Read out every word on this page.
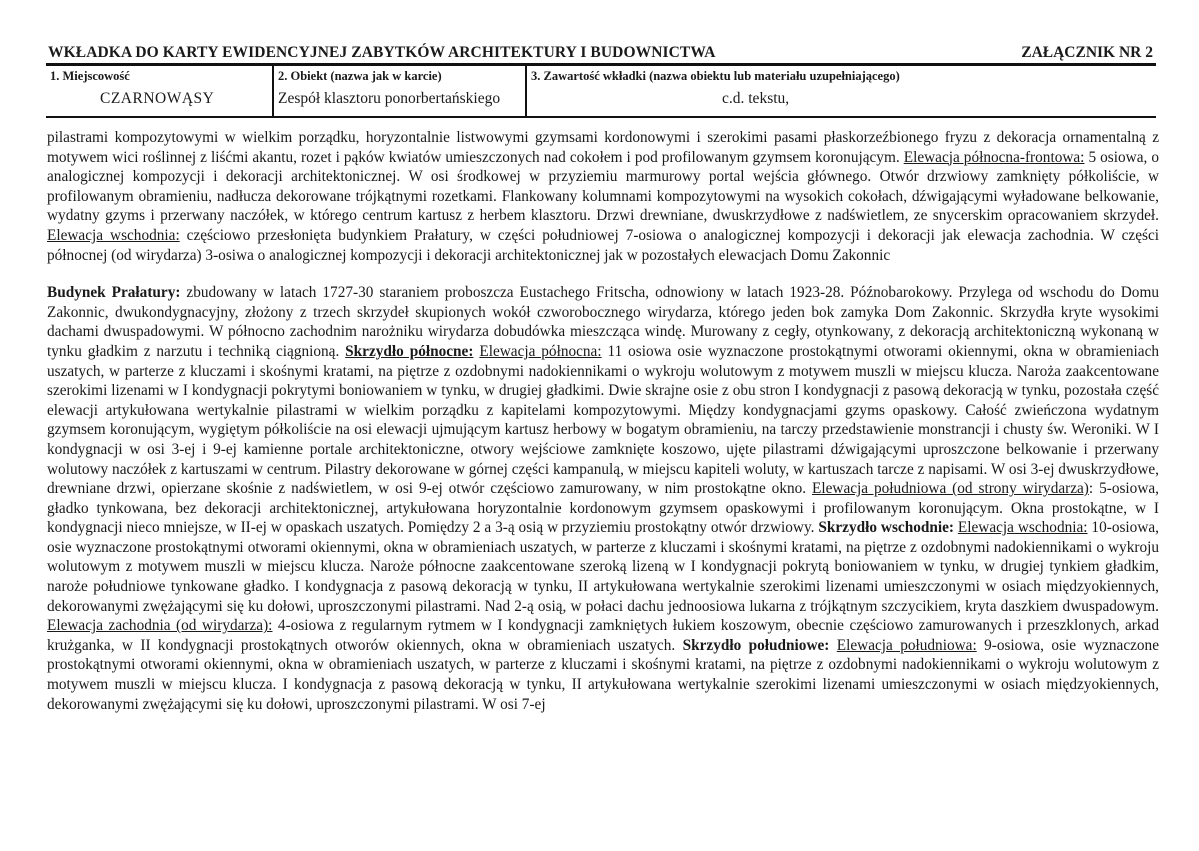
WKŁADKA DO KARTY EWIDENCYJNEJ ZABYTKÓW ARCHITEKTURY I BUDOWNICTWA	ZAŁĄCZNIK NR 2
1. Miejscowość
CZARNOWĄSY
2. Obiekt (nazwa jak w karcie)
Zespół klasztoru ponorbertańskiego
3. Zawartość wkładki (nazwa obiektu lub materiału uzupełniającego)
c.d. tekstu,

pilastrami kompozytowymi w wielkim porządku, horyzontalnie listwowymi gzymsami kordonowymi i szerokimi pasami płaskorzeźbionego fryzu z dekoracja ornamentalną z motywem wici roślinnej z liśćmi akantu, rozet i pąków kwiatów umieszczonych nad cokołem i pod profilowanym gzymsem koronującym. Elewacja północna-frontowa: 5 osiowa, o analogicznej kompozycji i dekoracji architektonicznej. W osi środkowej w przyziemiu marmurowy portal wejścia głównego. Otwór drzwiowy zamknięty półkoliście, w profilowanym obramieniu, nadłucza dekorowane trójkątnymi rozetkami. Flankowany kolumnami kompozytowymi na wysokich cokołach, dźwigającymi wyładowane belkowanie, wydatny gzyms i przerwany naczółek, w którego centrum kartusz z herbem klasztoru. Drzwi drewniane, dwuskrzydłowe z nadświetlem, ze snycerskim opracowaniem skrzydeł. Elewacja wschodnia: częściowo przesłonięta budynkiem Prałatury, w części południowej 7-osiowa o analogicznej kompozycji i dekoracji jak elewacja zachodnia. W części północnej (od wirydarza) 3-osiwa o analogicznej kompozycji i dekoracji architektonicznej jak w pozostałych elewacjach Domu Zakonnic

Budynek Prałatury: zbudowany w latach 1727-30 staraniem proboszcza Eustachego Fritscha, odnowiony w latach 1923-28. Późnobarokowy. Przylega od wschodu do Domu Zakonnic, dwukondygnacyjny, złożony z trzech skrzydeł skupionych wokół czworobocznego wirydarza, którego jeden bok zamyka Dom Zakonnic. Skrzydła kryte wysokimi dachami dwuspadowymi. W północno zachodnim narożniku wirydarza dobudówka mieszcząca windę. Murowany z cegły, otynkowany, z dekoracją architektoniczną wykonaną w tynku gładkim z narzutu i techniką ciągnioną. Skrzydło północne: Elewacja północna: 11 osiowa osie wyznaczone prostokątnymi otworami okiennymi, okna w obramieniach uszatych, w parterze z kluczami i skośnymi kratami, na piętrze z ozdobnymi nadokiennikami o wykroju wolutowym z motywem muszli w miejscu klucza. Naroża zaakcentowane szerokimi lizenami w I kondygnacji pokrytymi boniowaniem w tynku, w drugiej gładkimi. Dwie skrajne osie z obu stron I kondygnacji z pasową dekoracją w tynku, pozostała część elewacji artykułowana wertykalnie pilastrami w wielkim porządku z kapitelami kompozytowymi. Między kondygnacjami gzyms opaskowy. Całość zwieńczona wydatnym gzymsem koronującym, wygiętym półkoliście na osi elewacji ujmującym kartusz herbowy w bogatym obramieniu, na tarczy przedstawienie monstrancji i chusty św. Weroniki. W I kondygnacji w osi 3-ej i 9-ej kamienne portale architektoniczne, otwory wejściowe zamknięte koszowo, ujęte pilastrami dźwigającymi uproszczone belkowanie i przerwany wolutowy naczółek z kartuszami w centrum. Pilastry dekorowane w górnej części kampanulą, w miejscu kapiteli woluty, w kartuszach tarcze z napisami. W osi 3-ej dwuskrzydłowe, drewniane drzwi, opierzane skośnie z nadświetlem, w osi 9-ej otwór częściowo zamurowany, w nim prostokątne okno. Elewacja południowa (od strony wirydarza): 5-osiowa, gładko tynkowana, bez dekoracji architektonicznej, artykułowana horyzontalnie kordonowym gzymsem opaskowymi i profilowanym koronującym. Okna prostokątne, w I kondygnacji nieco mniejsze, w II-ej w opaskach uszatych. Pomiędzy 2 a 3-ą osią w przyziemiu prostokątny otwór drzwiowy. Skrzydło wschodnie: Elewacja wschodnia: 10-osiowa, osie wyznaczone prostokątnymi otworami okiennymi, okna w obramieniach uszatych, w parterze z kluczami i skośnymi kratami, na piętrze z ozdobnymi nadokiennikami o wykroju wolutowym z motywem muszli w miejscu klucza. Naroże północne zaakcentowane szeroką lizeną w I kondygnacji pokrytą boniowaniem w tynku, w drugiej tynkiem gładkim, naroże południowe tynkowane gładko. I kondygnacja z pasową dekoracją w tynku, II artykułowana wertykalnie szerokimi lizenami umieszczonymi w osiach międzyokiennych, dekorowanymi zwężającymi się ku dołowi, uproszczonymi pilastrami. Nad 2-ą osią, w połaci dachu jednoosiowa lukarna z trójkątnym szczycikiem, kryta daszkiem dwuspadowym. Elewacja zachodnia (od wirydarza): 4-osiowa z regularnym rytmem w I kondygnacji zamkniętych łukiem koszowym, obecnie częściowo zamurowanych i przeszklonych, arkad krużganka, w II kondygnacji prostokątnych otworów okiennych, okna w obramieniach uszatych. Skrzydło południowe: Elewacja południowa: 9-osiowa, osie wyznaczone prostokątnymi otworami okiennymi, okna w obramieniach uszatych, w parterze z kluczami i skośnymi kratami, na piętrze z ozdobnymi nadokiennikami o wykroju wolutowym z motywem muszli w miejscu klucza. I kondygnacja z pasową dekoracją w tynku, II artykułowana wertykalnie szerokimi lizenami umieszczonymi w osiach międzyokiennych, dekorowanymi zwężającymi się ku dołowi, uproszczonymi pilastrami. W osi 7-ej
